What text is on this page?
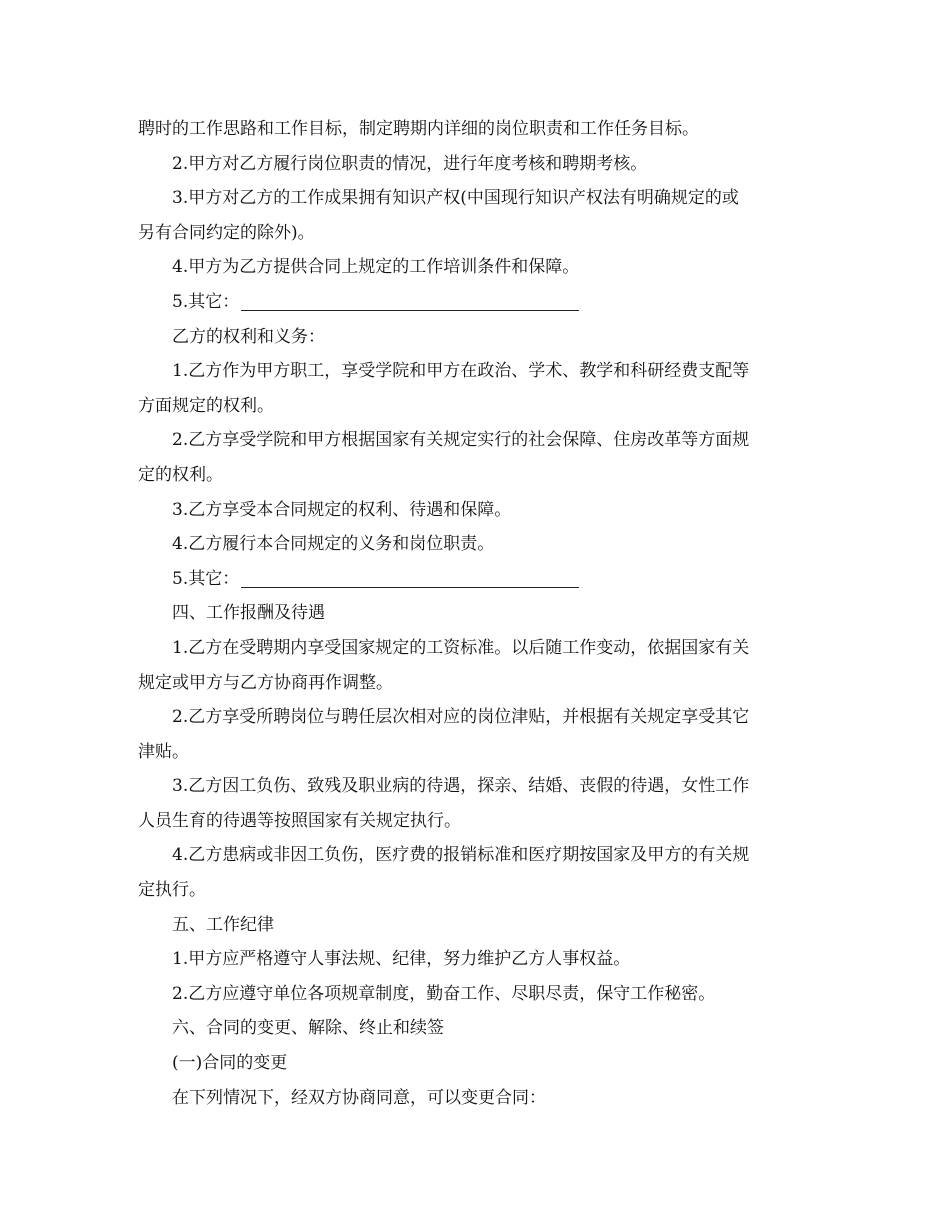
聘时的工作思路和工作目标，制定聘期内详细的岗位职责和工作任务目标。
2.甲方对乙方履行岗位职责的情况，进行年度考核和聘期考核。
3.甲方对乙方的工作成果拥有知识产权(中国现行知识产权法有明确规定的或
另有合同约定的除外)。
4.甲方为乙方提供合同上规定的工作培训条件和保障。
5.其它：
乙方的权利和义务：
1.乙方作为甲方职工，享受学院和甲方在政治、学术、教学和科研经费支配等
方面规定的权利。
2.乙方享受学院和甲方根据国家有关规定实行的社会保障、住房改革等方面规
定的权利。
3.乙方享受本合同规定的权利、待遇和保障。
4.乙方履行本合同规定的义务和岗位职责。
5.其它：
四、工作报酬及待遇
1.乙方在受聘期内享受国家规定的工资标准。以后随工作变动，依据国家有关
规定或甲方与乙方协商再作调整。
2.乙方享受所聘岗位与聘任层次相对应的岗位津贴，并根据有关规定享受其它
津贴。
3.乙方因工负伤、致残及职业病的待遇，探亲、结婚、丧假的待遇，女性工作
人员生育的待遇等按照国家有关规定执行。
4.乙方患病或非因工负伤，医疗费的报销标准和医疗期按国家及甲方的有关规
定执行。
五、工作纪律
1.甲方应严格遵守人事法规、纪律，努力维护乙方人事权益。
2.乙方应遵守单位各项规章制度，勤奋工作、尽职尽责，保守工作秘密。
六、合同的变更、解除、终止和续签
(一)合同的变更
在下列情况下，经双方协商同意，可以变更合同：
